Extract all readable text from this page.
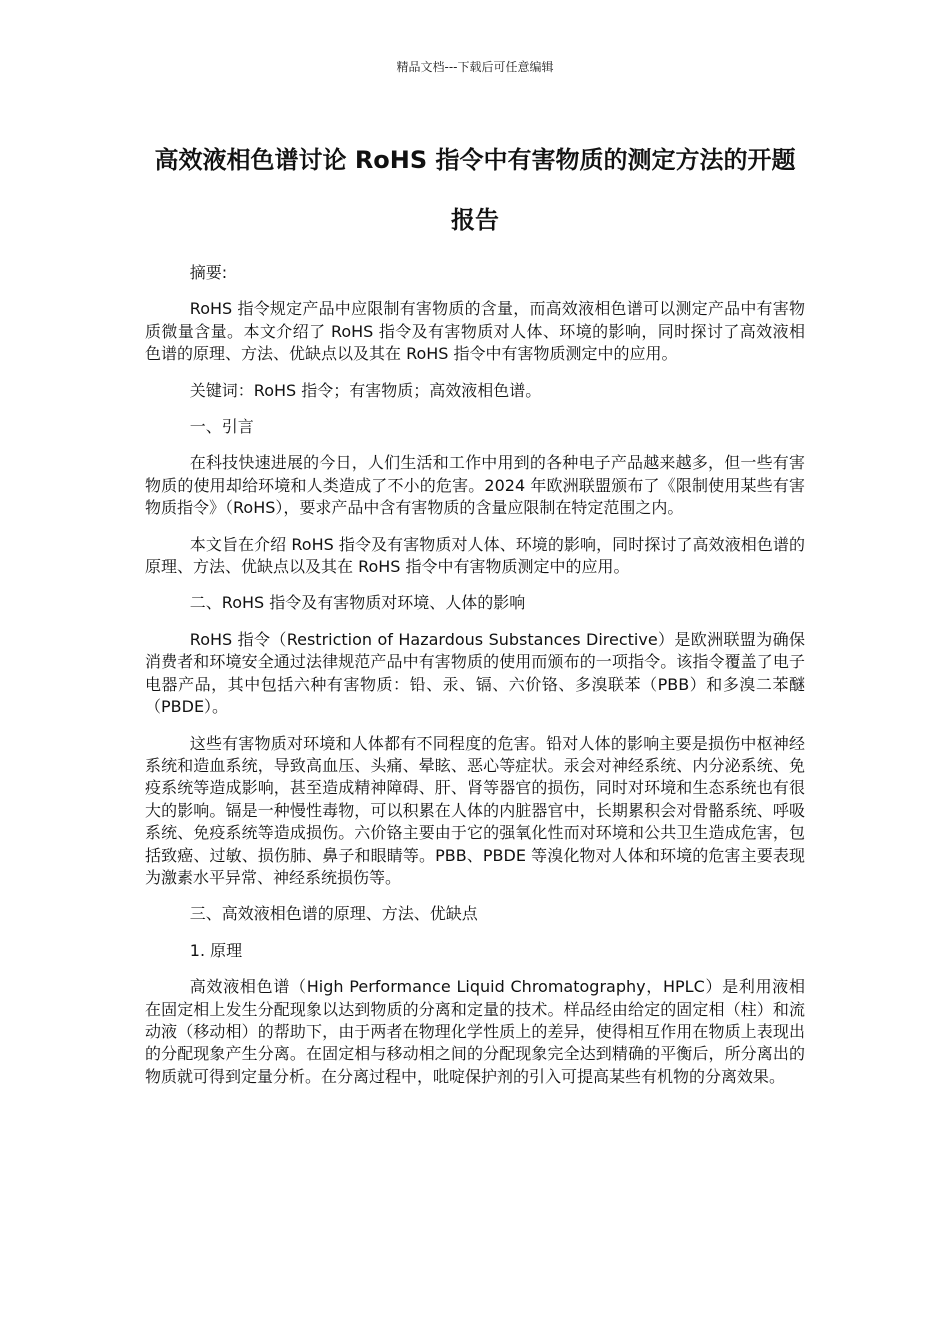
精品文档---下载后可任意编辑
高效液相色谱讨论 RoHS 指令中有害物质的测定方法的开题报告

摘要:

RoHS 指令规定产品中应限制有害物质的含量，而高效液相色谱可以测定产品中有害物质微量含量。本文介绍了 RoHS 指令及有害物质对人体、环境的影响，同时探讨了高效液相色谱的原理、方法、优缺点以及其在 RoHS 指令中有害物质测定中的应用。

关键词：RoHS 指令；有害物质；高效液相色谱。

一、引言

在科技快速进展的今日，人们生活和工作中用到的各种电子产品越来越多，但一些有害物质的使用却给环境和人类造成了不小的危害。2024 年欧洲联盟颁布了《限制使用某些有害物质指令》（RoHS），要求产品中含有害物质的含量应限制在特定范围之内。

本文旨在介绍 RoHS 指令及有害物质对人体、环境的影响，同时探讨了高效液相色谱的原理、方法、优缺点以及其在 RoHS 指令中有害物质测定中的应用。

二、RoHS 指令及有害物质对环境、人体的影响

RoHS 指令（Restriction of Hazardous Substances Directive）是欧洲联盟为确保消费者和环境安全通过法律规范产品中有害物质的使用而颁布的一项指令。该指令覆盖了电子电器产品，其中包括六种有害物质：铅、汞、镉、六价铬、多溴联苯（PBB）和多溴二苯醚（PBDE）。

这些有害物质对环境和人体都有不同程度的危害。铅对人体的影响主要是损伤中枢神经系统和造血系统，导致高血压、头痛、晕眩、恶心等症状。汞会对神经系统、内分泌系统、免疫系统等造成影响，甚至造成精神障碍、肝、肾等器官的损伤，同时对环境和生态系统也有很大的影响。镉是一种慢性毒物，可以积累在人体的内脏器官中，长期累积会对骨骼系统、呼吸系统、免疫系统等造成损伤。六价铬主要由于它的强氧化性而对环境和公共卫生造成危害，包括致癌、过敏、损伤肺、鼻子和眼睛等。PBB、PBDE 等溴化物对人体和环境的危害主要表现为激素水平异常、神经系统损伤等。

三、高效液相色谱的原理、方法、优缺点

1. 原理

高效液相色谱（High Performance Liquid Chromatography，HPLC）是利用液相在固定相上发生分配现象以达到物质的分离和定量的技术。样品经由给定的固定相（柱）和流动液（移动相）的帮助下，由于两者在物理化学性质上的差异，使得相互作用在物质上表现出的分配现象产生分离。在固定相与移动相之间的分配现象完全达到精确的平衡后，所分离出的物质就可得到定量分析。在分离过程中，吡啶保护剂的引入可提高某些有机物的分离效果。
